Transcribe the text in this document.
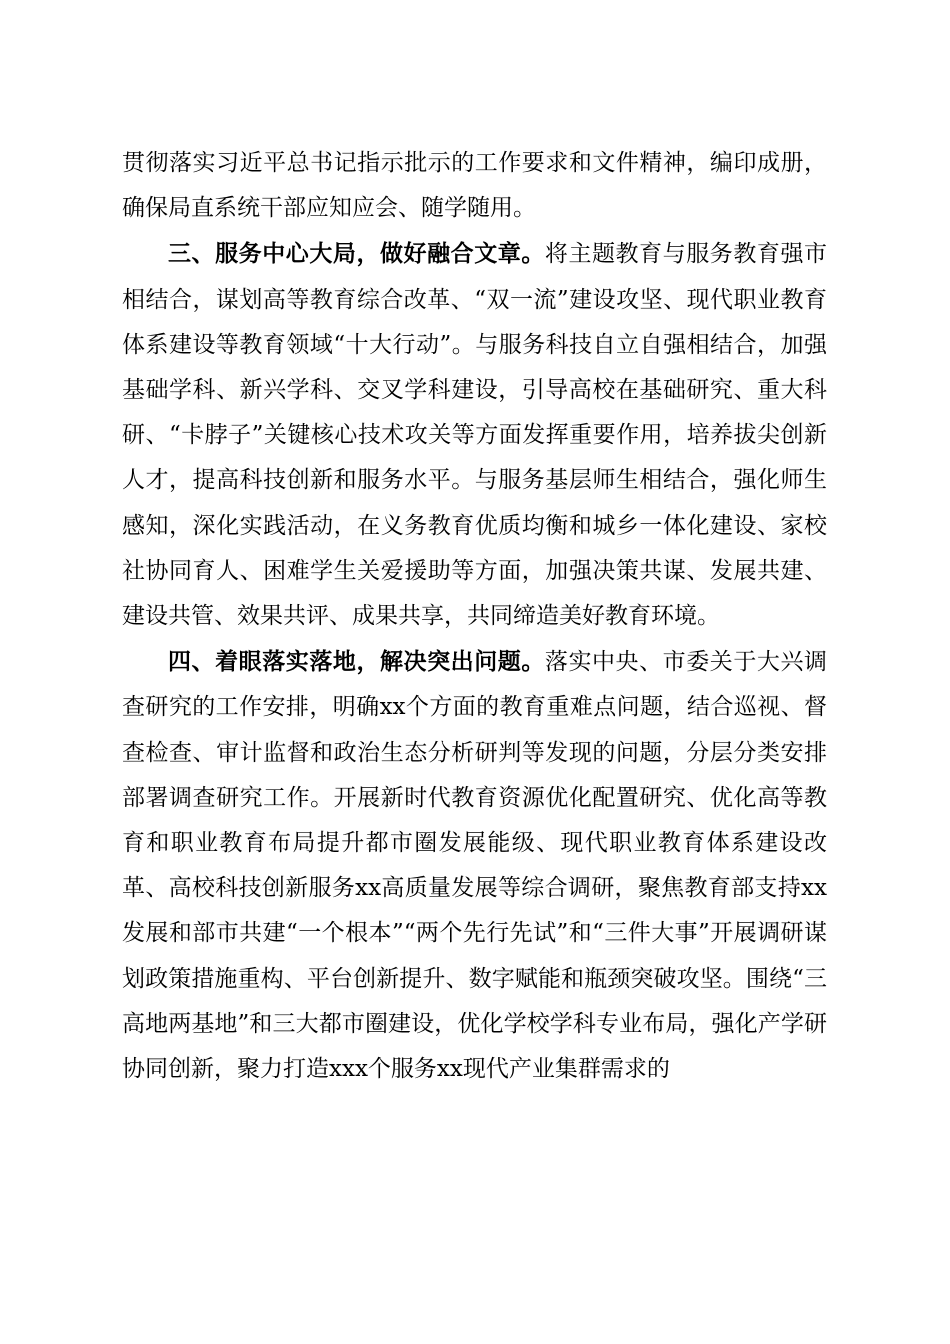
贯彻落实习近平总书记指示批示的工作要求和文件精神，编印成册，确保局直系统干部应知应会、随学随用。

三、服务中心大局，做好融合文章。将主题教育与服务教育强市相结合，谋划高等教育综合改革、“双一流”建设攻坚、现代职业教育体系建设等教育领域“十大行动”。与服务科技自立自强相结合，加强基础学科、新兴学科、交叉学科建设，引导高校在基础研究、重大科研、“卡脖子”关键核心技术攻关等方面发挥重要作用，培养拔尖创新人才，提高科技创新和服务水平。与服务基层师生相结合，强化师生感知，深化实践活动，在义务教育优质均衡和城乡一体化建设、家校社协同育人、困难学生关爱援助等方面，加强决策共谋、发展共建、建设共管、效果共评、成果共享，共同缔造美好教育环境。

四、着眼落实落地，解决突出问题。落实中央、市委关于大兴调查研究的工作安排，明确xx个方面的教育重难点问题，结合巡视、督查检查、审计监督和政治生态分析研判等发现的问题，分层分类安排部署调查研究工作。开展新时代教育资源优化配置研究、优化高等教育和职业教育布局提升都市圈发展能级、现代职业教育体系建设改革、高校科技创新服务xx高质量发展等综合调研，聚焦教育部支持xx发展和部市共建“一个根本”“两个先行先试”和“三件大事”开展调研谋划政策措施重构、平台创新提升、数字赋能和瓶颈突破攻坚。围绕“三高地两基地”和三大都市圈建设，优化学校学科专业布局，强化产学研协同创新，聚力打造xxx个服务xx现代产业集群需求的
